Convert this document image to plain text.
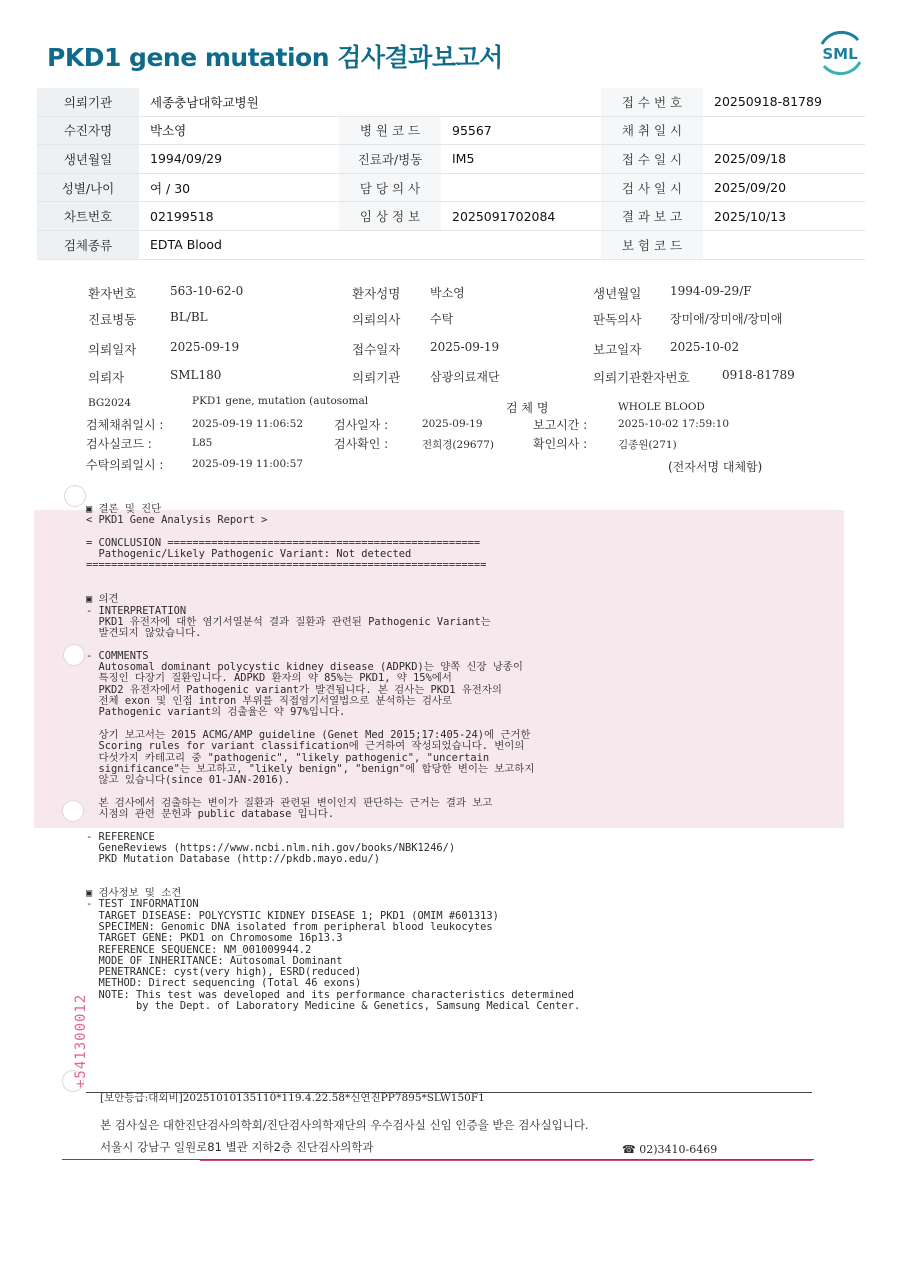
PKD1 gene mutation 검사결과보고서	SML
의뢰기관	세종충남대학교병원			접 수 번 호	20250918-81789
수진자명	박소영	병 원 코 드	95567	채 취 일 시	
생년월일	1994/09/29	진료과/병동	IM5	접 수 일 시	2025/09/18
성별/나이	여 / 30	담 당 의 사		검 사 일 시	2025/09/20
차트번호	02199518	임 상 정 보	2025091702084	결 과 보 고	2025/10/13
검체종류	EDTA Blood			보 험 코 드	
환자번호	563-10-62-0	환자성명 박소영	생년월일 1994-09-29/F
진료병동	BL/BL	의뢰의사 수탁	판독의사 장미애/장미애/장미애
의뢰일자	2025-09-19	접수일자 2025-09-19	보고일자 2025-10-02
의뢰자	SML180	의뢰기관 삼광의료재단	의뢰기관환자번호	0918-81789
BG2024	PKD1 gene, mutation (autosomal	검 체 명	WHOLE BLOOD
검체채취일시 :	2025-09-19 11:06:52	검사일자 :	2025-09-19	보고시간 :	2025-10-02 17:59:10
검사실코드 :	L85	검사확인 :	전희경(29677)	확인의사 :	김종원(271)
수탁의뢰일시 :	2025-09-19 11:00:57	(전자서명 대체함)
▣ 결론 및 진단
< PKD1 Gene Analysis Report >
= CONCLUSION ==================================================
Pathogenic/Likely Pathogenic Variant: Not detected
================================================================
▣ 의견
- INTERPRETATION
PKD1 유전자에 대한 염기서열분석 결과 질환과 관련된 Pathogenic Variant는
발견되지 않았습니다.
- COMMENTS
Autosomal dominant polycystic kidney disease (ADPKD)는 양쪽 신장 낭종이
특징인 다장기 질환입니다. ADPKD 환자의 약 85%는 PKD1, 약 15%에서
PKD2 유전자에서 Pathogenic variant가 발견됩니다. 본 검사는 PKD1 유전자의
전체 exon 및 인접 intron 부위를 직접염기서열법으로 분석하는 검사로
Pathogenic variant의 검출율은 약 97%입니다.
상기 보고서는 2015 ACMG/AMP guideline (Genet Med 2015;17:405-24)에 근거한
Scoring rules for variant classification에 근거하여 작성되었습니다. 변이의
다섯가지 카테고리 중 "pathogenic", "likely pathogenic", "uncertain
significance"는 보고하고, "likely benign", "benign"에 합당한 변이는 보고하지
않고 있습니다(since 01-JAN-2016).
본 검사에서 검출하는 변이가 질환과 관련된 변이인지 판단하는 근거는 결과 보고
시점의 관련 문헌과 public database 입니다.
- REFERENCE
GeneReviews (https://www.ncbi.nlm.nih.gov/books/NBK1246/)
PKD Mutation Database (http://pkdb.mayo.edu/)
▣ 검사정보 및 소견
- TEST INFORMATION
TARGET DISEASE: POLYCYSTIC KIDNEY DISEASE 1; PKD1 (OMIM #601313)
SPECIMEN: Genomic DNA isolated from peripheral blood leukocytes
TARGET GENE: PKD1 on Chromosome 16p13.3
REFERENCE SEQUENCE: NM_001009944.2
MODE OF INHERITANCE: Autosomal Dominant
PENETRANCE: cyst(very high), ESRD(reduced)
METHOD: Direct sequencing (Total 46 exons)
NOTE: This test was developed and its performance characteristics determined
by the Dept. of Laboratory Medicine & Genetics, Samsung Medical Center.
+541300012
[보안등급:대외비]20251010135110*119.4.22.58*신연진PP7895*SLW150F1
본 검사실은 대한진단검사의학회/진단검사의학재단의 우수검사실 신임 인증을 받은 검사실입니다.
서울시 강남구 일원로81 별관 지하2층 진단검사의학과	☎ 02)3410-6469
